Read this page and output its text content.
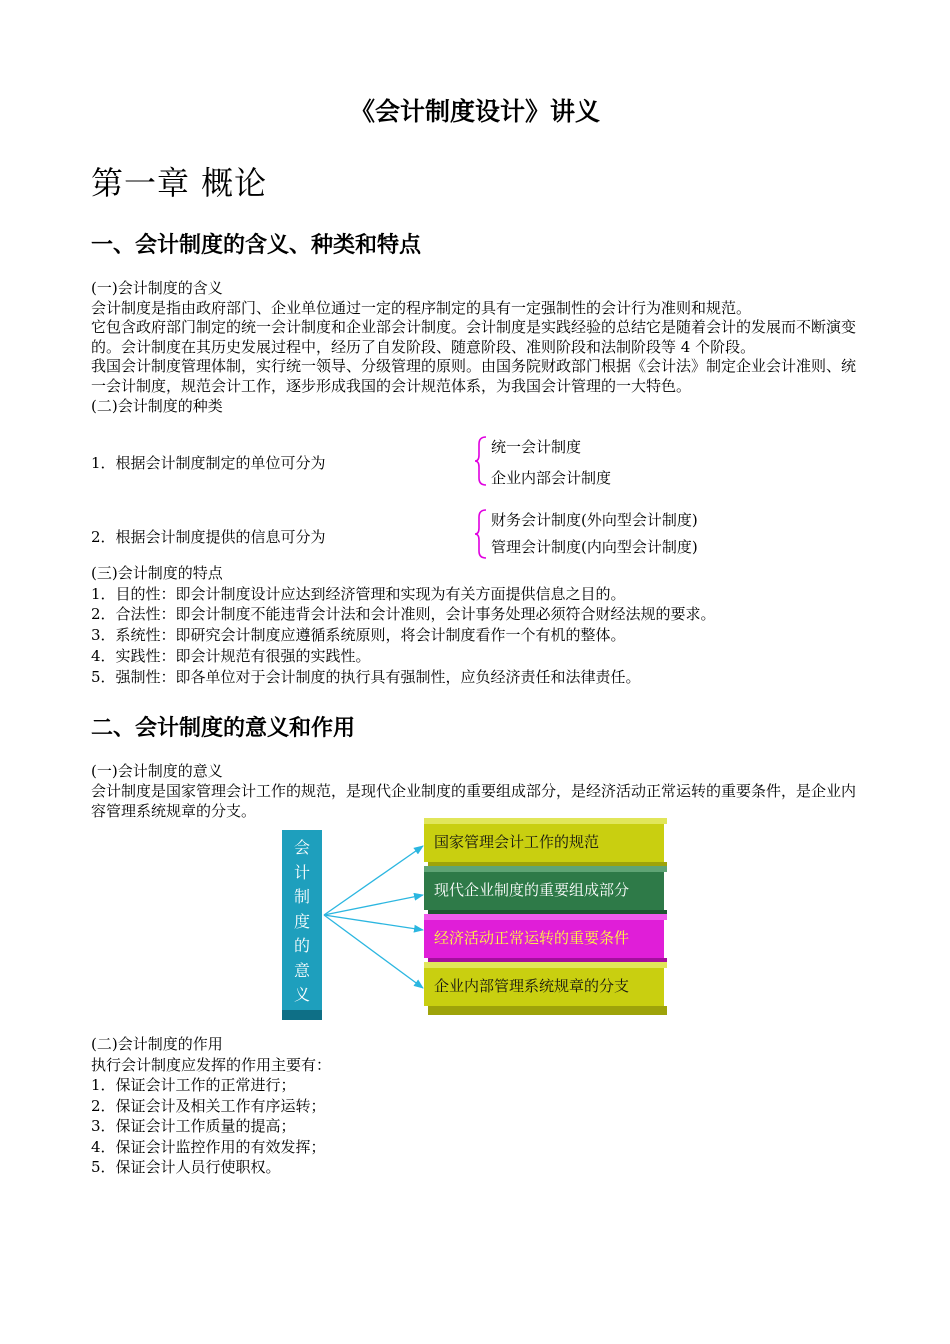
《会计制度设计》讲义
第一章 概论
一、会计制度的含义、种类和特点

(一)会计制度的含义

会计制度是指由政府部门、企业单位通过一定的程序制定的具有一定强制性的会计行为准则和规范。

它包含政府部门制定的统一会计制度和企业部会计制度。会计制度是实践经验的总结它是随着会计的发展而不断演变的。会计制度在其历史发展过程中，经历了自发阶段、随意阶段、准则阶段和法制阶段等 4 个阶段。

我国会计制度管理体制，实行统一领导、分级管理的原则。由国务院财政部门根据《会计法》制定企业会计准则、统一会计制度，规范会计工作，逐步形成我国的会计规范体系，为我国会计管理的一大特色。

(二)会计制度的种类

1．根据会计制度制定的单位可分为
统一会计制度
企业内部会计制度
2．根据会计制度提供的信息可分为
财务会计制度(外向型会计制度)
管理会计制度(内向型会计制度)

(三)会计制度的特点

1．目的性：即会计制度设计应达到经济管理和实现为有关方面提供信息之目的。

2．合法性：即会计制度不能违背会计法和会计准则，会计事务处理必须符合财经法规的要求。

3．系统性：即研究会计制度应遵循系统原则，将会计制度看作一个有机的整体。

4．实践性：即会计规范有很强的实践性。

5．强制性：即各单位对于会计制度的执行具有强制性，应负经济责任和法律责任。

二、会计制度的意义和作用

(一)会计制度的意义

会计制度是国家管理会计工作的规范，是现代企业制度的重要组成部分，是经济活动正常运转的重要条件，是企业内容管理系统规章的分支。

会
计
制
度
的
意
义
国家管理会计工作的规范
现代企业制度的重要组成部分
经济活动正常运转的重要条件
企业内部管理系统规章的分支

(二)会计制度的作用

执行会计制度应发挥的作用主要有：

1．保证会计工作的正常进行；

2．保证会计及相关工作有序运转；

3．保证会计工作质量的提高；

4．保证会计监控作用的有效发挥；

5．保证会计人员行使职权。
